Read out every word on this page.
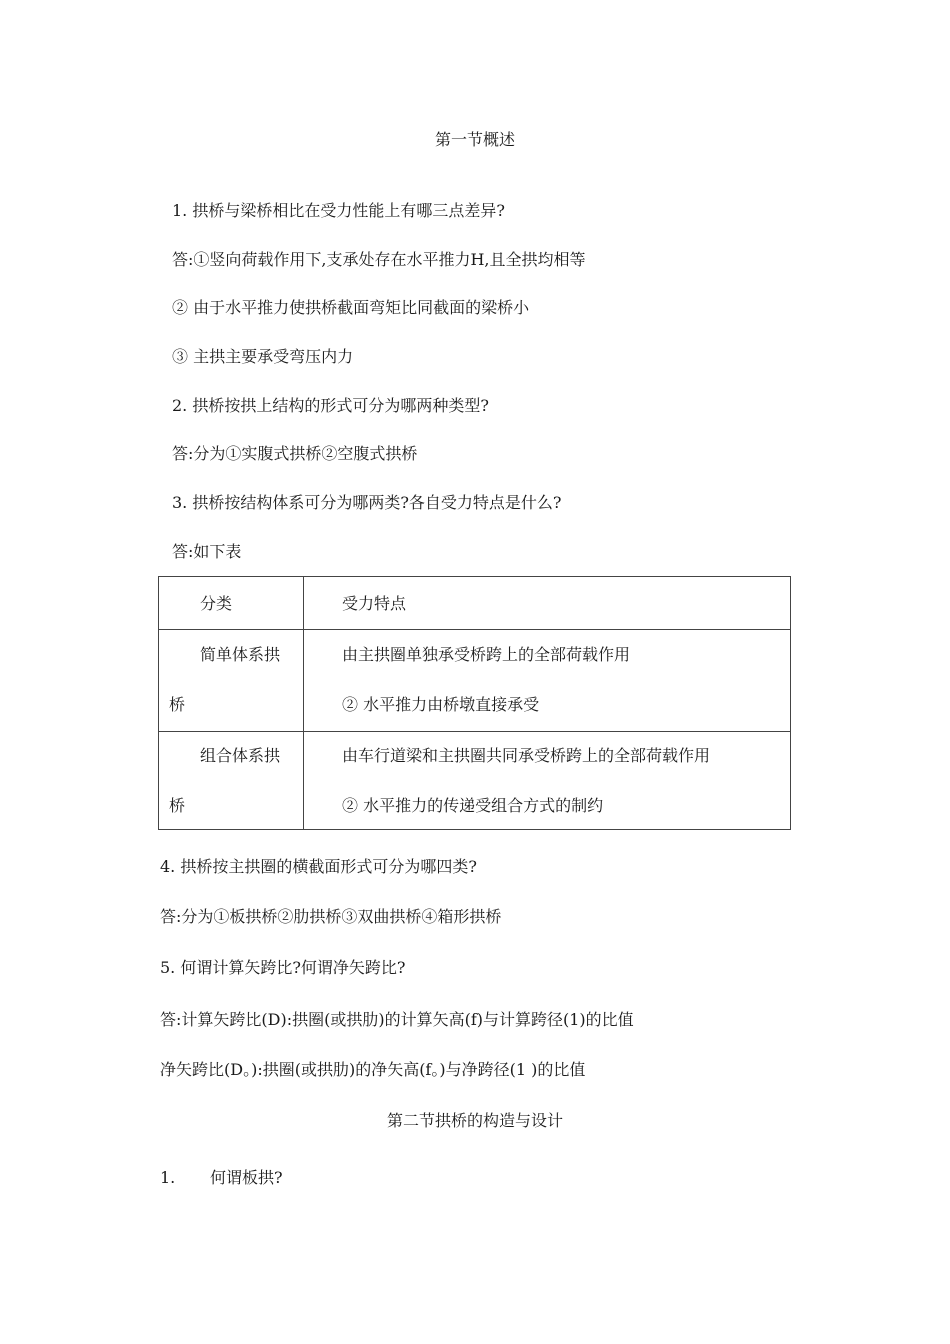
第一节概述
1. 拱桥与梁桥相比在受力性能上有哪三点差异?
答:①竖向荷载作用下,支承处存在水平推力H,且全拱均相等
② 由于水平推力使拱桥截面弯矩比同截面的梁桥小
③ 主拱主要承受弯压内力
2. 拱桥按拱上结构的形式可分为哪两种类型?
答:分为①实腹式拱桥②空腹式拱桥
3. 拱桥按结构体系可分为哪两类?各自受力特点是什么?
答:如下表
分类	受力特点
简单体系拱
桥
由主拱圈单独承受桥跨上的全部荷载作用
② 水平推力由桥墩直接承受
组合体系拱
桥
由车行道梁和主拱圈共同承受桥跨上的全部荷载作用
② 水平推力的传递受组合方式的制约
4. 拱桥按主拱圈的横截面形式可分为哪四类?
答:分为①板拱桥②肋拱桥③双曲拱桥④箱形拱桥
5. 何谓计算矢跨比?何谓净矢跨比?
答:计算矢跨比(D):拱圈(或拱肋)的计算矢高(f)与计算跨径(1)的比值
净矢跨比(D。):拱圈(或拱肋)的净矢高(f。)与净跨径(1 )的比值
第二节拱桥的构造与设计
1. 何谓板拱?
